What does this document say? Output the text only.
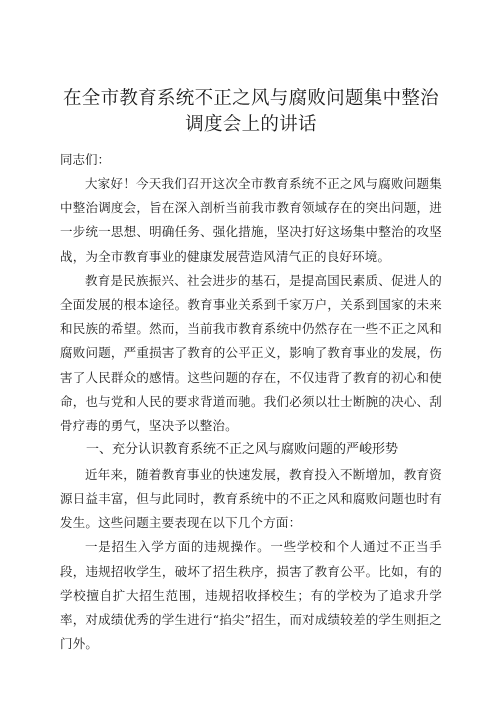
在全市教育系统不正之风与腐败问题集中整治
调度会上的讲话

同志们：

大家好！今天我们召开这次全市教育系统不正之风与腐败问题集中整治调度会，旨在深入剖析当前我市教育领域存在的突出问题，进一步统一思想、明确任务、强化措施，坚决打好这场集中整治的攻坚战，为全市教育事业的健康发展营造风清气正的良好环境。

教育是民族振兴、社会进步的基石，是提高国民素质、促进人的全面发展的根本途径。教育事业关系到千家万户，关系到国家的未来和民族的希望。然而，当前我市教育系统中仍然存在一些不正之风和腐败问题，严重损害了教育的公平正义，影响了教育事业的发展，伤害了人民群众的感情。这些问题的存在，不仅违背了教育的初心和使命，也与党和人民的要求背道而驰。我们必须以壮士断腕的决心、刮骨疗毒的勇气，坚决予以整治。

一、充分认识教育系统不正之风与腐败问题的严峻形势

近年来，随着教育事业的快速发展，教育投入不断增加，教育资源日益丰富，但与此同时，教育系统中的不正之风和腐败问题也时有发生。这些问题主要表现在以下几个方面：

一是招生入学方面的违规操作。一些学校和个人通过不正当手段，违规招收学生，破坏了招生秩序，损害了教育公平。比如，有的学校擅自扩大招生范围，违规招收择校生；有的学校为了追求升学率，对成绩优秀的学生进行“掐尖”招生，而对成绩较差的学生则拒之门外。
